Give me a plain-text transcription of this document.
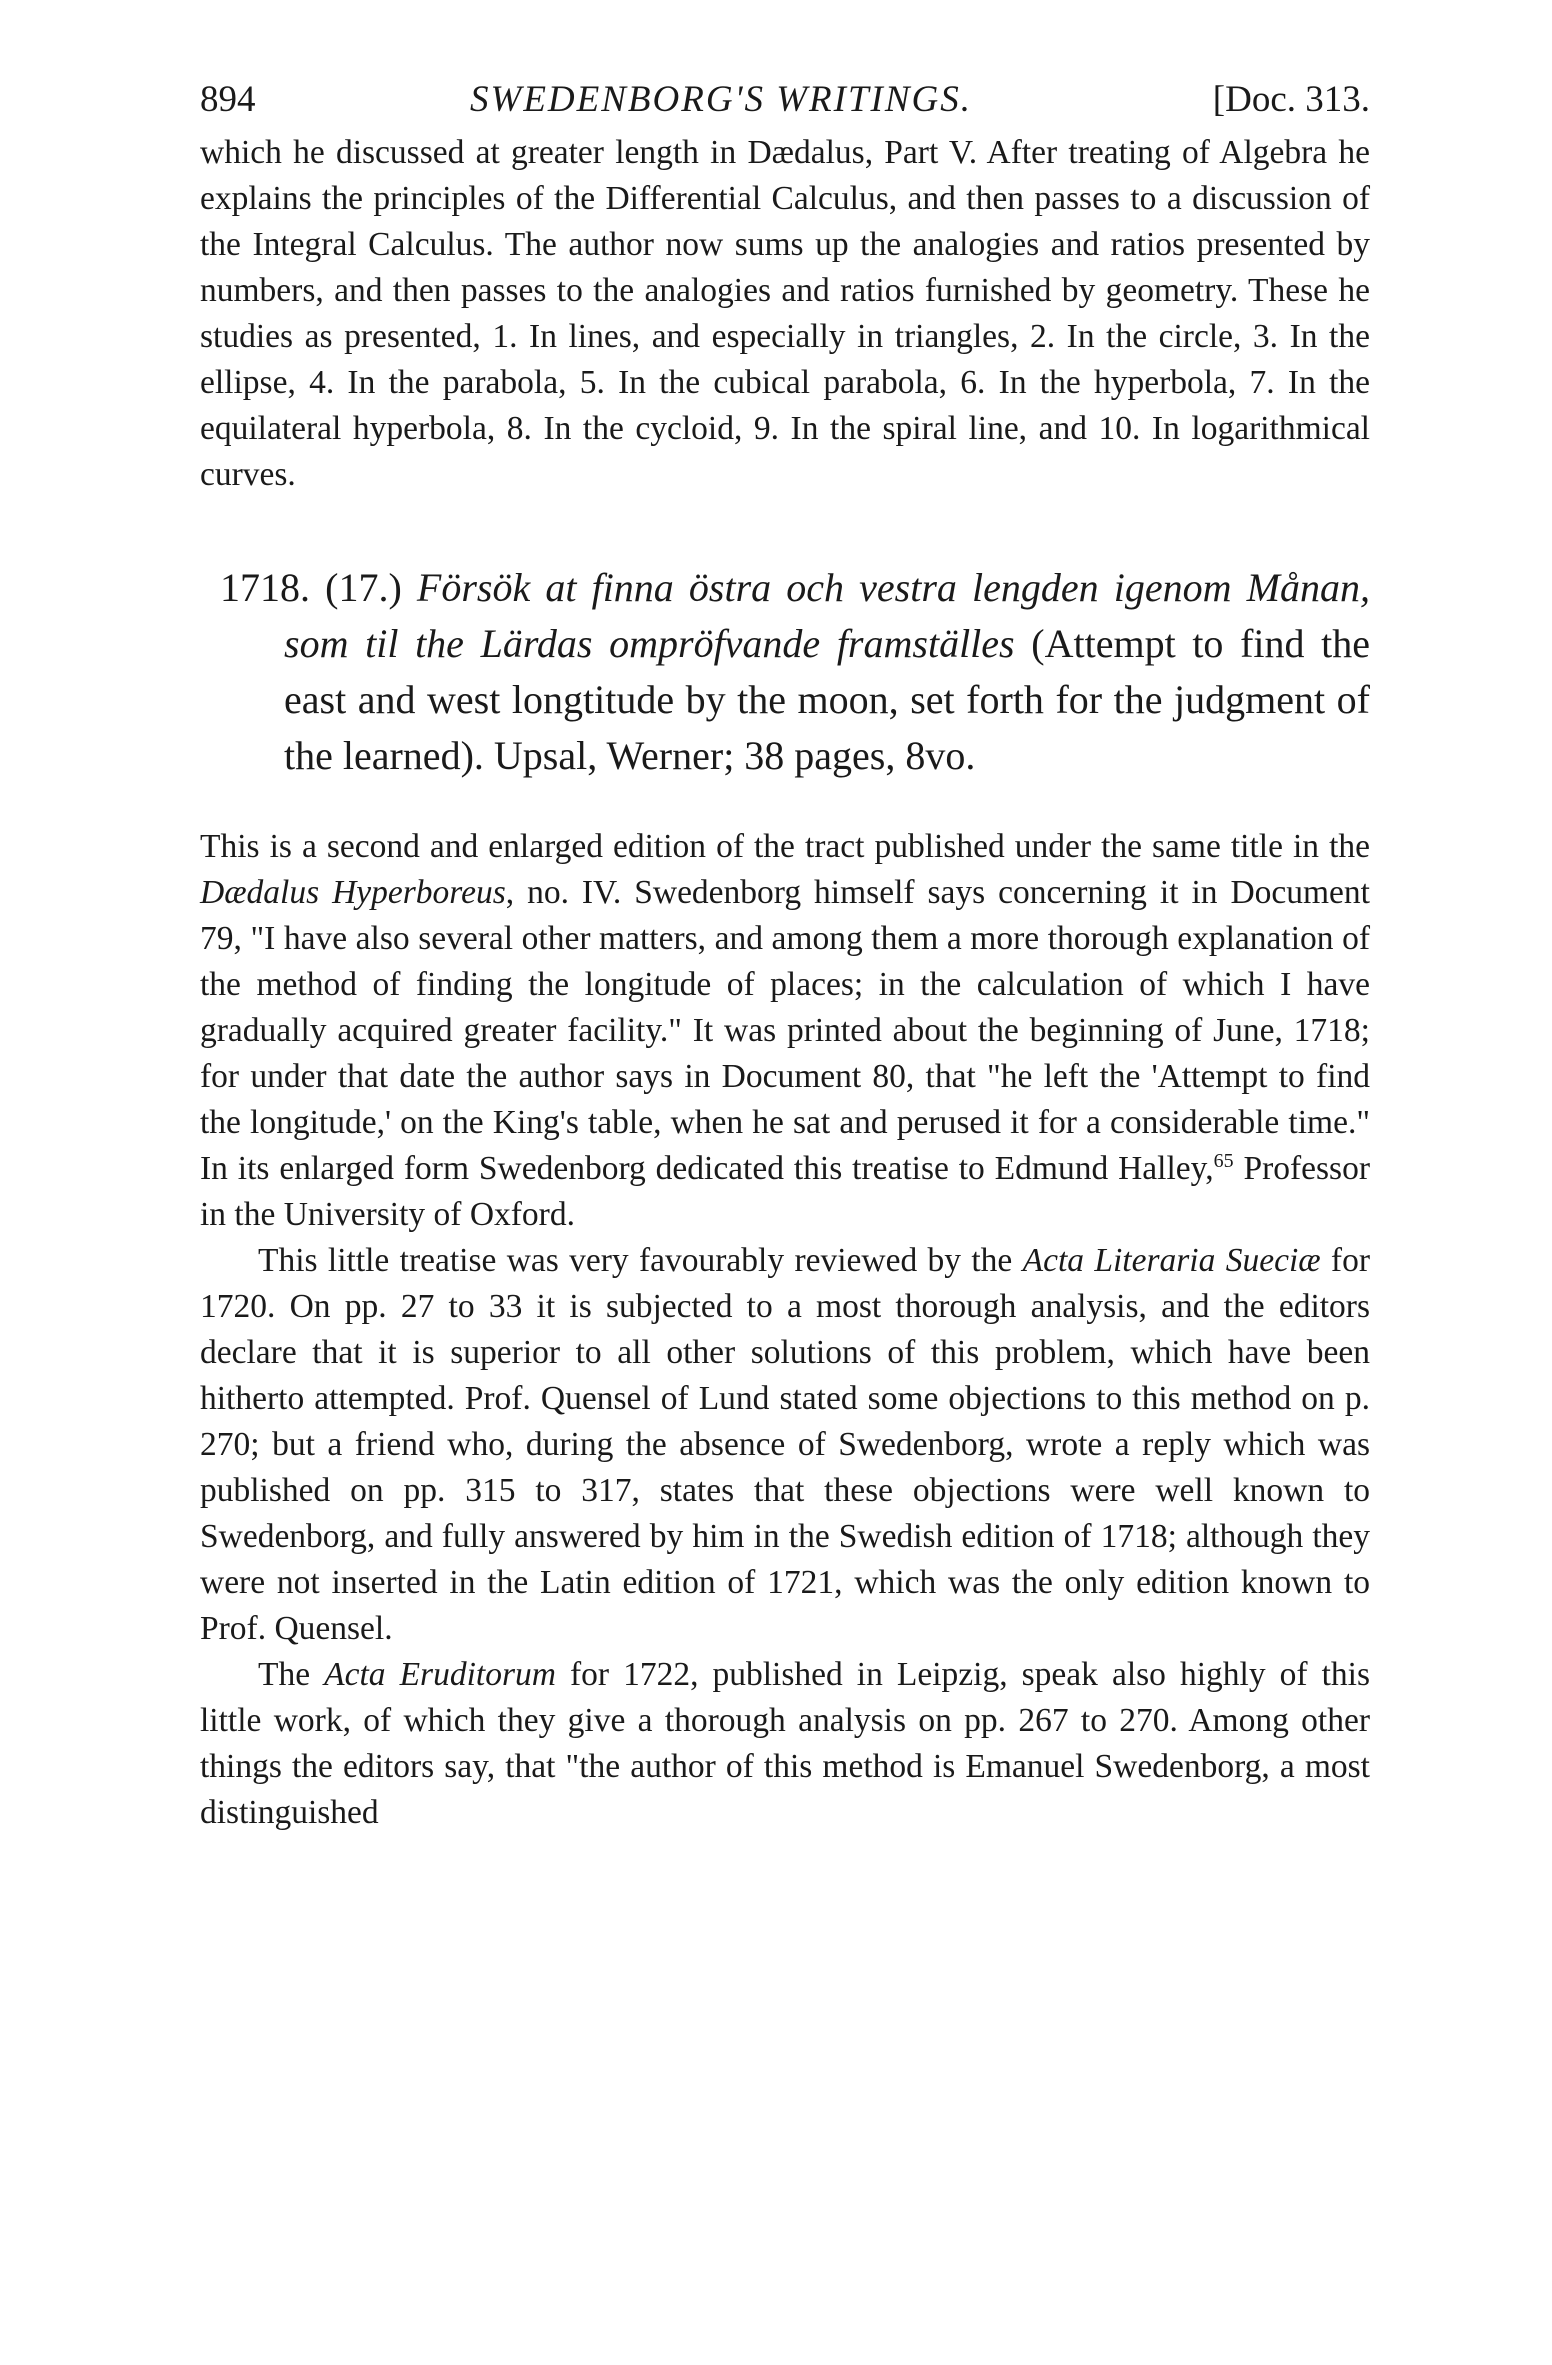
894	SWEDENBORG'S WRITINGS.	[Doc. 313.

which he discussed at greater length in Dædalus, Part V. After treating of Algebra he explains the principles of the Differential Calculus, and then passes to a discussion of the Integral Calculus. The author now sums up the analogies and ratios presented by numbers, and then passes to the analogies and ratios furnished by geometry. These he studies as presented, 1. In lines, and especially in triangles, 2. In the circle, 3. In the ellipse, 4. In the parabola, 5. In the cubical parabola, 6. In the hyperbola, 7. In the equilateral hyperbola, 8. In the cycloid, 9. In the spiral line, and 10. In logarithmical curves.

1718. (17.) Försök at finna östra och vestra lengden igenom Månan, som til the Lärdas ompröfvande framställes (Attempt to find the east and west longtitude by the moon, set forth for the judgment of the learned). Upsal, Werner; 38 pages, 8vo.

This is a second and enlarged edition of the tract published under the same title in the Dædalus Hyperboreus, no. IV. Swedenborg himself says concerning it in Document 79, "I have also several other matters, and among them a more thorough explanation of the method of finding the longitude of places; in the calculation of which I have gradually acquired greater facility." It was printed about the beginning of June, 1718; for under that date the author says in Document 80, that "he left the 'Attempt to find the longitude,' on the King's table, when he sat and perused it for a considerable time." In its enlarged form Swedenborg dedicated this treatise to Edmund Halley,$^{65}$ Professor in the University of Oxford.

This little treatise was very favourably reviewed by the Acta Literaria Sueciæ for 1720. On pp. 27 to 33 it is subjected to a most thorough analysis, and the editors declare that it is superior to all other solutions of this problem, which have been hitherto attempted. Prof. Quensel of Lund stated some objections to this method on p. 270; but a friend who, during the absence of Swedenborg, wrote a reply which was published on pp. 315 to 317, states that these objections were well known to Swedenborg, and fully answered by him in the Swedish edition of 1718; although they were not inserted in the Latin edition of 1721, which was the only edition known to Prof. Quensel.

The Acta Eruditorum for 1722, published in Leipzig, speak also highly of this little work, of which they give a thorough analysis on pp. 267 to 270. Among other things the editors say, that "the author of this method is Emanuel Swedenborg, a most distinguished
